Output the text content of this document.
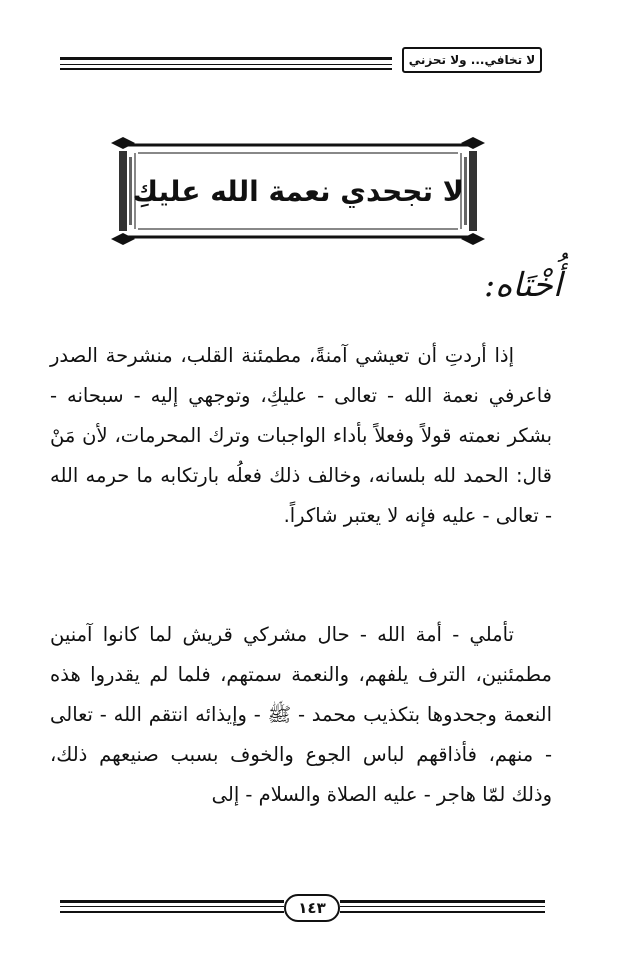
لا تخافي... ولا تحزني
لا تجحدي نعمة الله عليكِ
أُخْتَاه:

إذا أردتِ أن تعيشي آمنةً، مطمئنة القلب، منشرحة الصدر فاعرفي نعمة الله - تعالى - عليكِ، وتوجهي إليه - سبحانه - بشكر نعمته قولاً وفعلاً بأداء الواجبات وترك المحرمات، لأن مَنْ قال: الحمد لله بلسانه، وخالف ذلك فعلُه بارتكابه ما حرمه الله - تعالى - عليه فإنه لا يعتبر شاكراً.

تأملي - أمة الله - حال مشركي قريش لما كانوا آمنين مطمئنين، الترف يلفهم، والنعمة سمتهم، فلما لم يقدروا هذه النعمة وجحدوها بتكذيب محمد - ﷺ - وإيذائه انتقم الله - تعالى - منهم، فأذاقهم لباس الجوع والخوف بسبب صنيعهم ذلك، وذلك لمّا هاجر - عليه الصلاة والسلام - إلى

١٤٣
